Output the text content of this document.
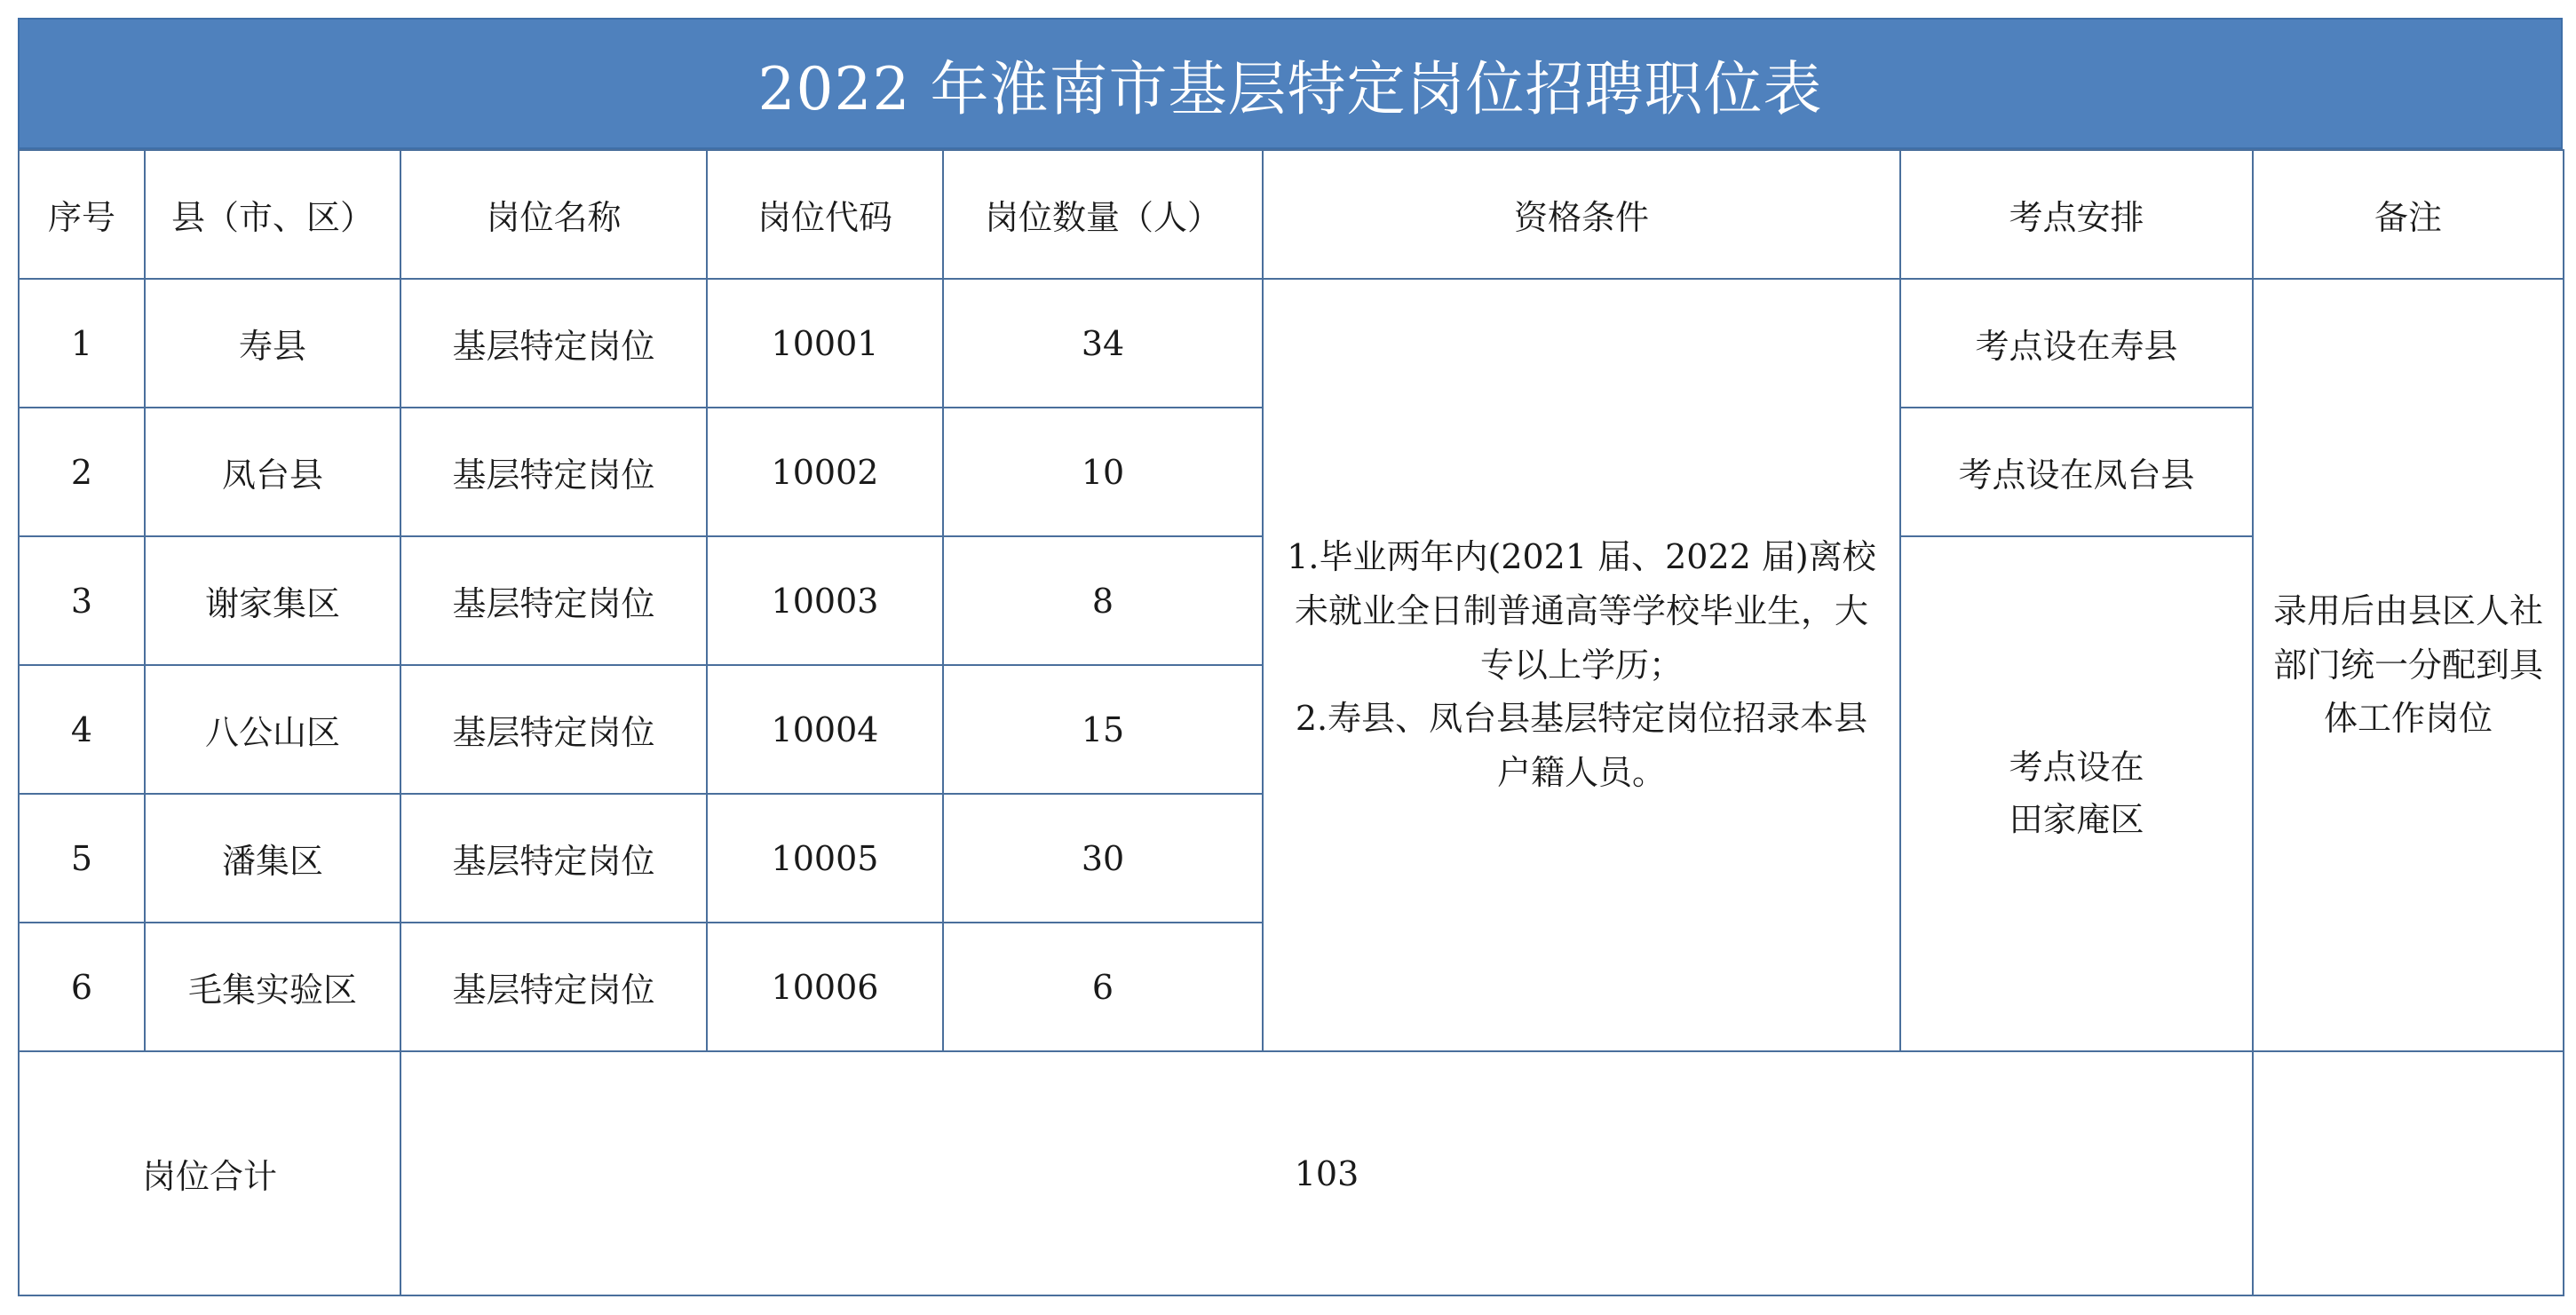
2022 年淮南市基层特定岗位招聘职位表
序号	县（市、区）	岗位名称	岗位代码	岗位数量（人）	资格条件	考点安排	备注
1	寿县	基层特定岗位	10001	34	1.毕业两年内(2021 届、2022 届)离校
未就业全日制普通高等学校毕业生，大
专以上学历；
2.寿县、凤台县基层特定岗位招录本县
户籍人员。	考点设在寿县	录用后由县区人社
部门统一分配到具
体工作岗位
2	凤台县	基层特定岗位	10002	10		考点设在凤台县	
3	谢家集区	基层特定岗位	10003	8		考点设在
田家庵区	
4	八公山区	基层特定岗位	10004	15			
5	潘集区	基层特定岗位	10005	30			
6	毛集实验区	基层特定岗位	10006	6			
岗位合计		103					
